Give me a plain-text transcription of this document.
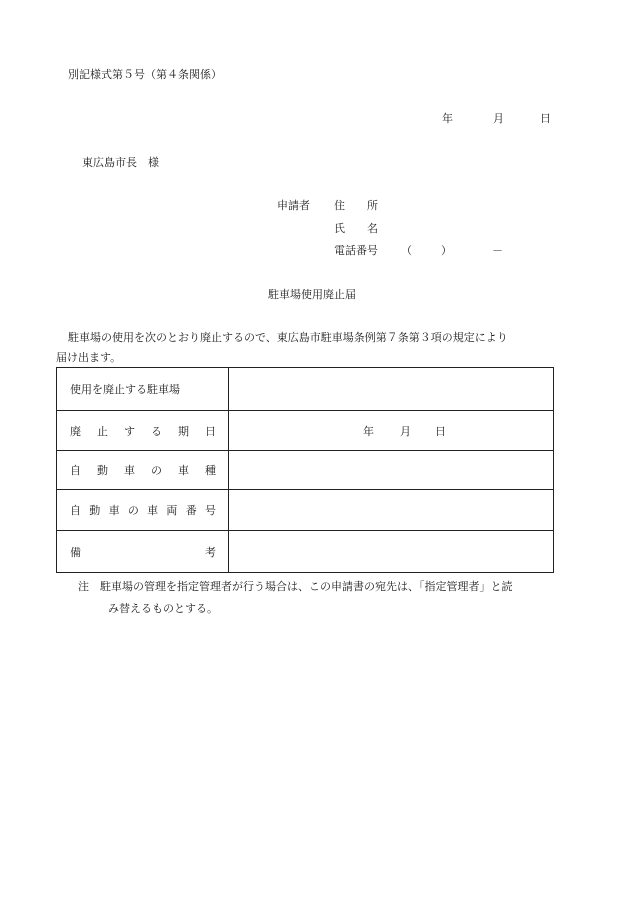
別記様式第５号（第４条関係）
年	月	日
東広島市長　様
申請者 住所
氏名
電話番号 （	）	－
駐車場使用廃止届
駐車場の使用を次のとおり廃止するので、東広島市駐車場条例第７条第３項の規定により
届け出ます。
使用を廃止する駐車場	

廃止する期日	年 月 日

自動車の車種	

自動車の車両番号	

備考	

注　駐車場の管理を指定管理者が行う場合は、この申請書の宛先は、「指定管理者」と読
み替えるものとする。
